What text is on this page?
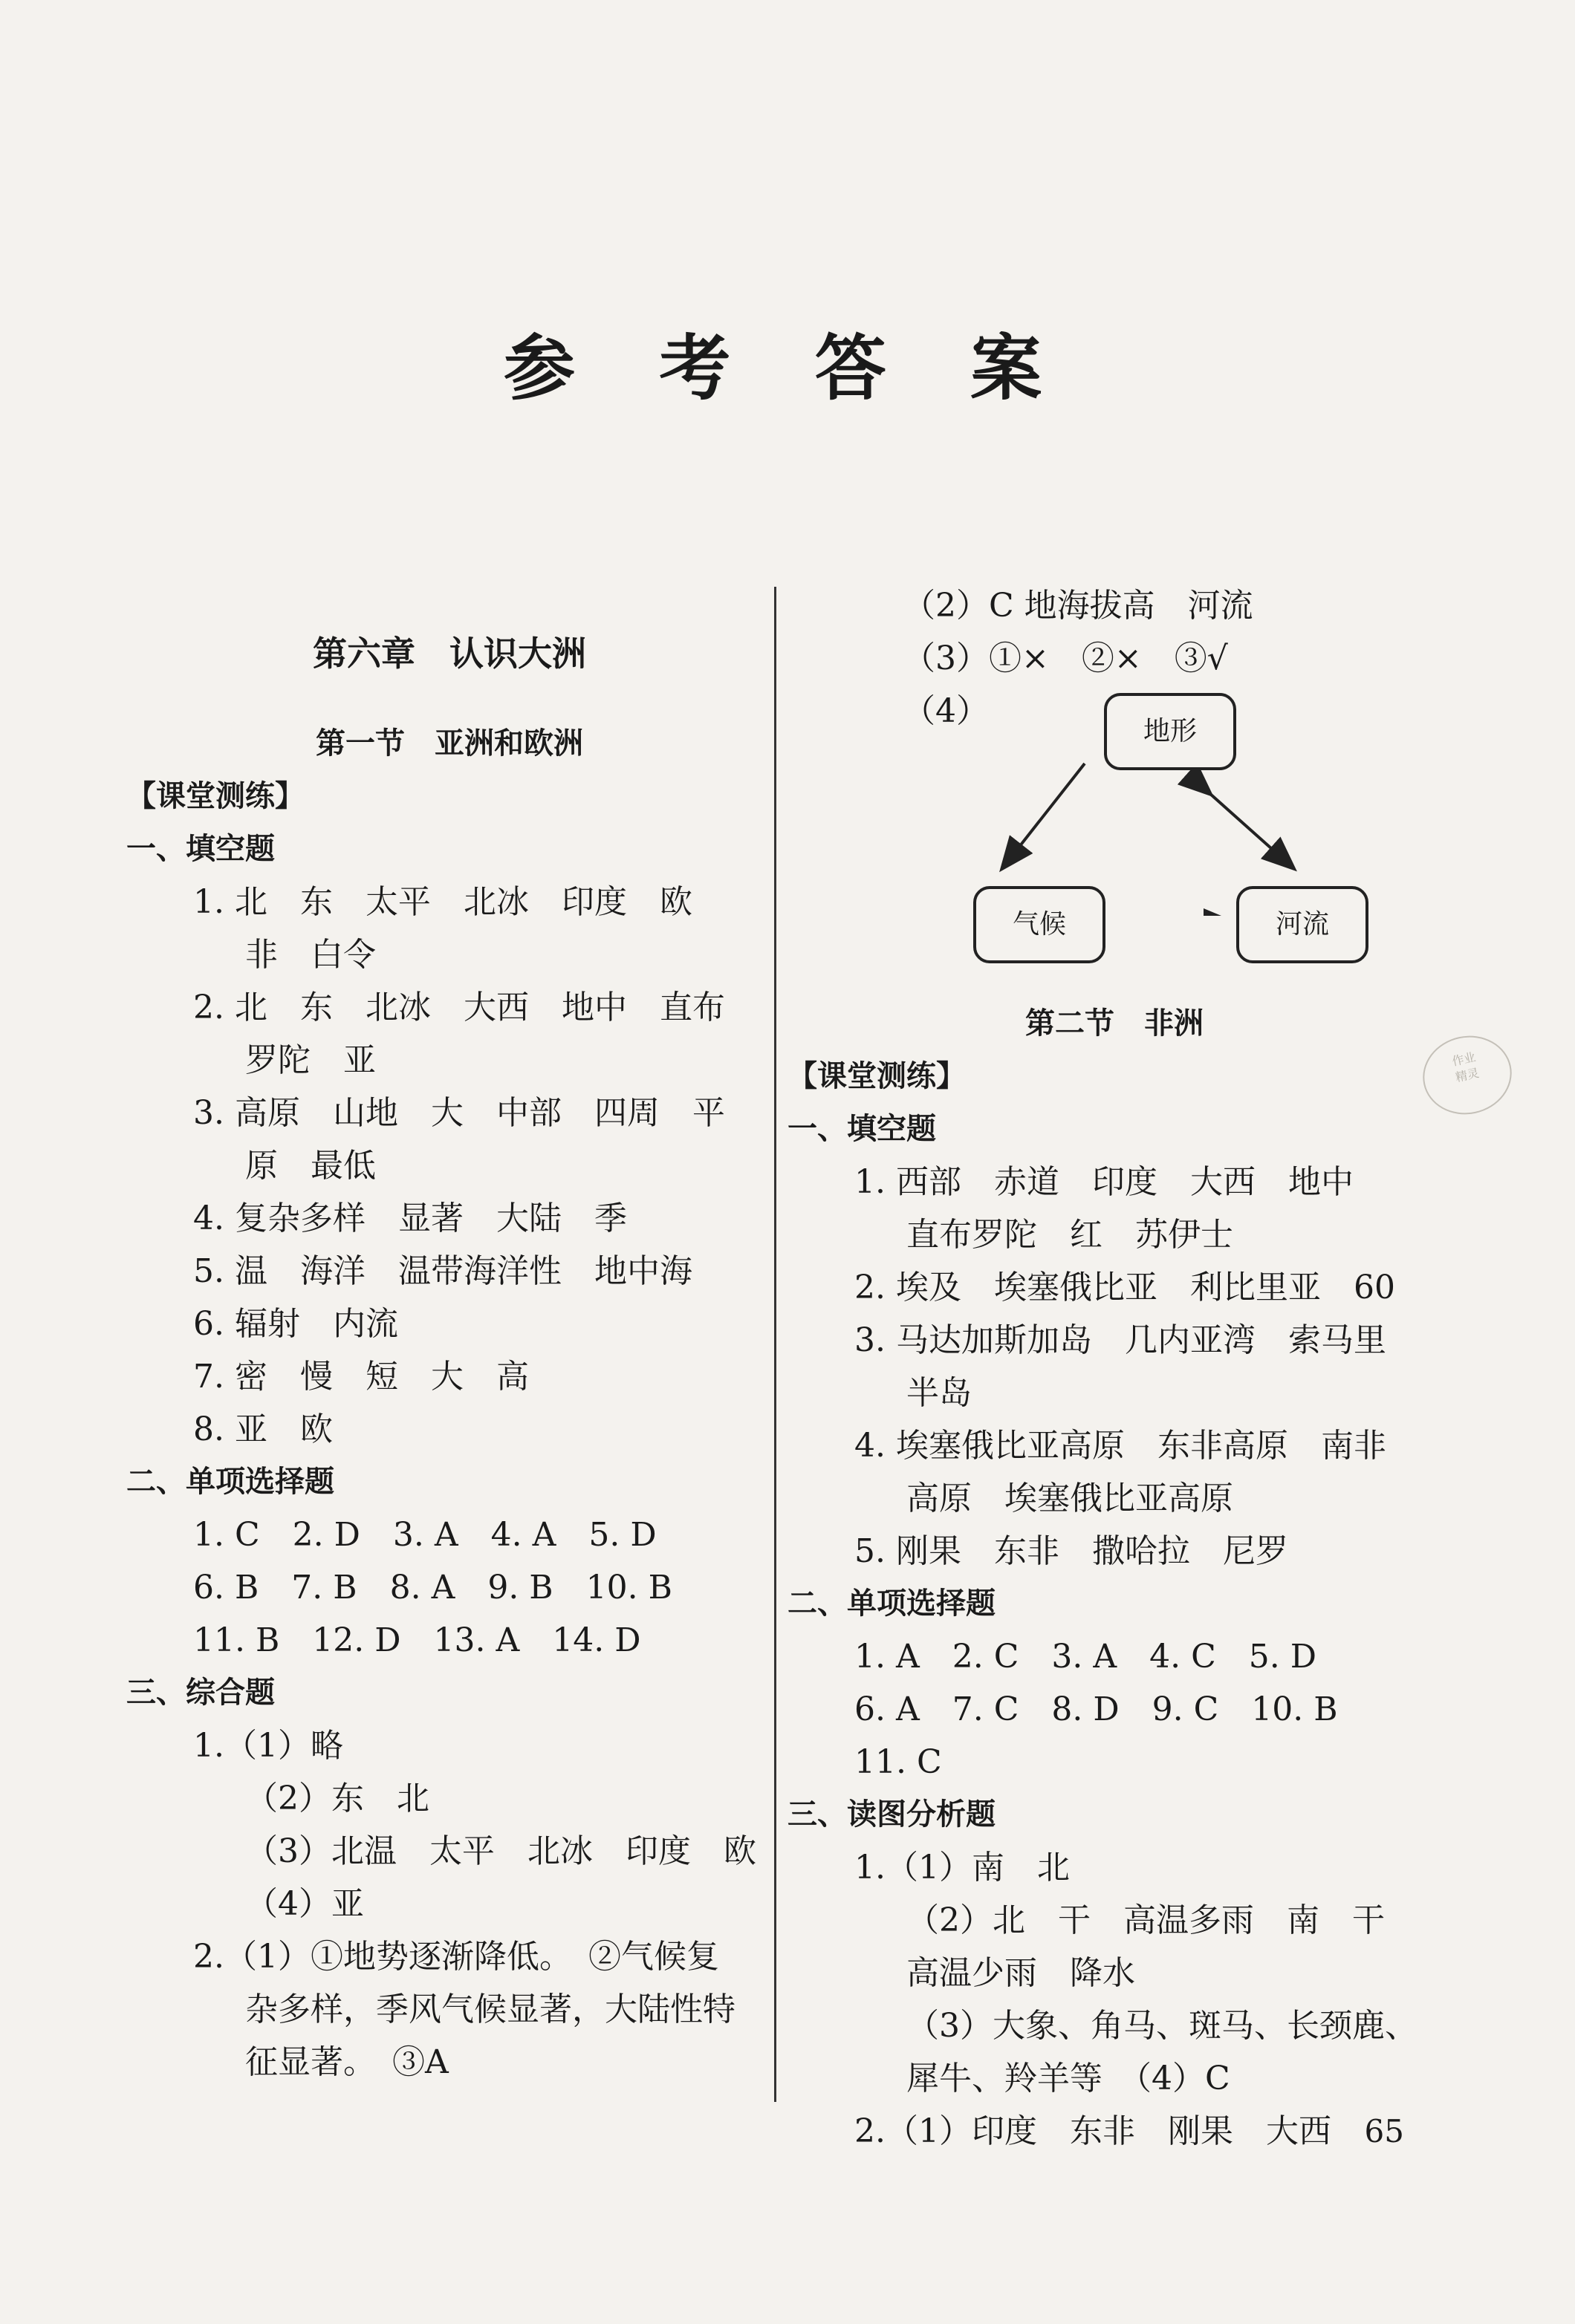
参 考 答 案
第六章　认识大洲
第一节　亚洲和欧洲
【课堂测练】
一、填空题
1. 北　东　太平　北冰　印度　欧
非　白令
2. 北　东　北冰　大西　地中　直布
罗陀　亚
3. 高原　山地　大　中部　四周　平
原　最低
4. 复杂多样　显著　大陆　季
5. 温　海洋　温带海洋性　地中海
6. 辐射　内流
7. 密　慢　短　大　高
8. 亚　欧
二、单项选择题
1. C　2. D　3. A　4. A　5. D
6. B　7. B　8. A　9. B　10. B
11. B　12. D　13. A　14. D
三、综合题
1.（1）略
（2）东　北
（3）北温　太平　北冰　印度　欧
（4）亚
2.（1）①地势逐渐降低。　②气候复
杂多样，季风气候显著，大陆性特
征显著。　③A
（2）C 地海拔高　河流
（3）①×　②×　③√
（4）
地形
气候	河流
第二节　非洲
【课堂测练】
一、填空题
1. 西部　赤道　印度　大西　地中
直布罗陀　红　苏伊士
2. 埃及　埃塞俄比亚　利比里亚　60
3. 马达加斯加岛　几内亚湾　索马里
半岛
4. 埃塞俄比亚高原　东非高原　南非
高原　埃塞俄比亚高原
5. 刚果　东非　撒哈拉　尼罗
二、单项选择题
1. A　2. C　3. A　4. C　5. D
6. A　7. C　8. D　9. C　10. B
11. C
三、读图分析题
1.（1）南　北
（2）北　干　高温多雨　南　干
高温少雨　降水
（3）大象、角马、斑马、长颈鹿、
犀牛、羚羊等　（4）C
2.（1）印度　东非　刚果　大西
作业
精灵
65
